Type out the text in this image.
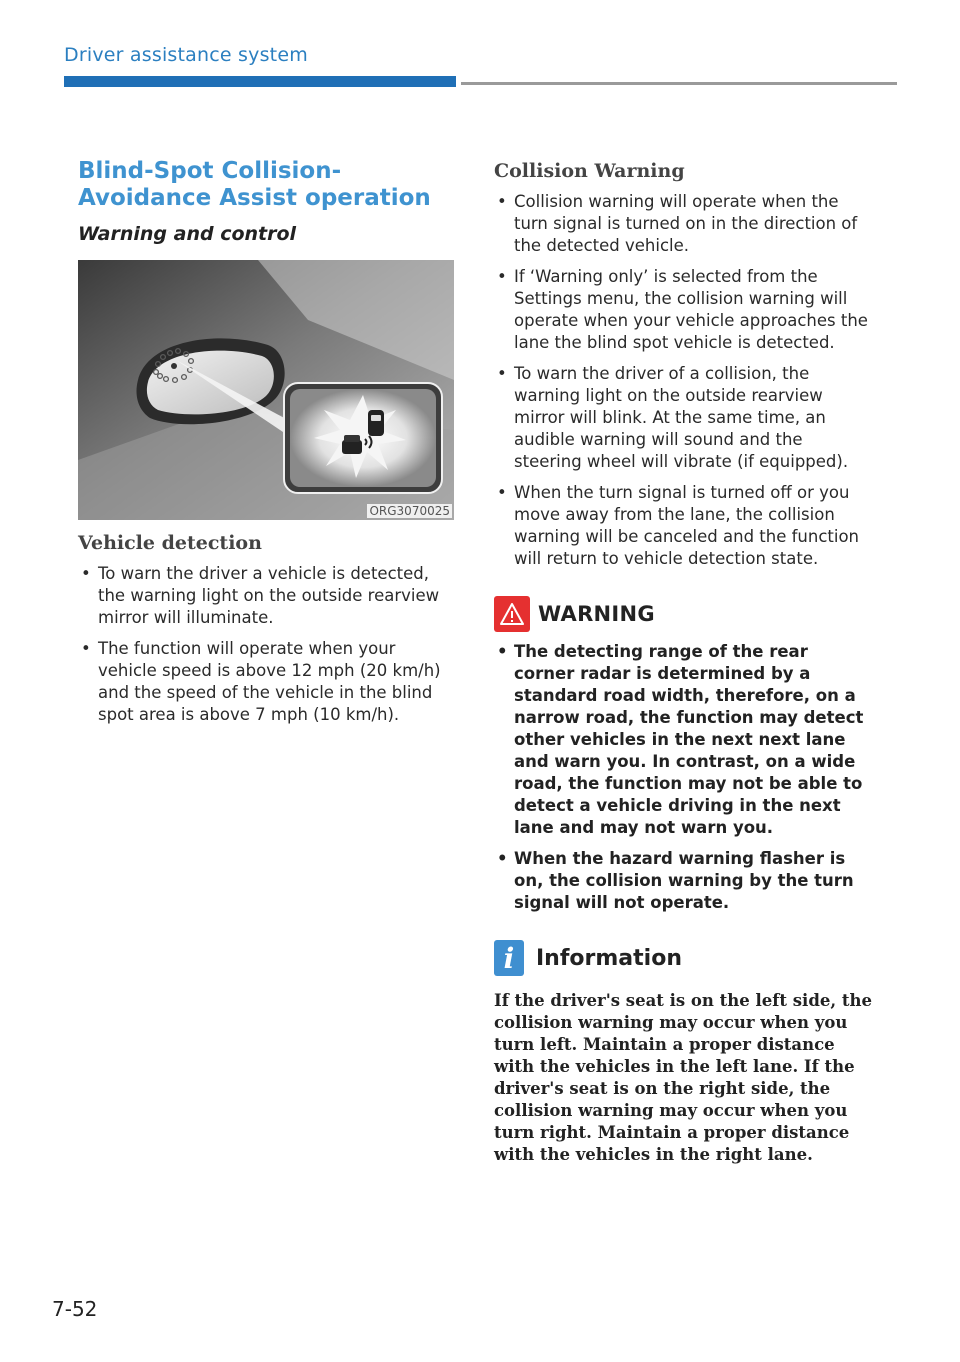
Driver assistance system
Blind-Spot Collision-Avoidance Assist operation
Warning and control
ORG3070025
Vehicle detection
• To warn the driver a vehicle is detected, the warning light on the outside rearview mirror will illuminate.
• The function will operate when your vehicle speed is above 12 mph (20 km/h) and the speed of the vehicle in the blind spot area is above 7 mph (10 km/h).
Collision Warning
• Collision warning will operate when the turn signal is turned on in the direction of the detected vehicle.
• If ‘Warning only’ is selected from the Settings menu, the collision warning will operate when your vehicle approaches the lane the blind spot vehicle is detected.
• To warn the driver of a collision, the warning light on the outside rearview mirror will blink. At the same time, an audible warning will sound and the steering wheel will vibrate (if equipped).
• When the turn signal is turned off or you move away from the lane, the collision warning will be canceled and the function will return to vehicle detection state.
WARNING
• The detecting range of the rear corner radar is determined by a standard road width, therefore, on a narrow road, the function may detect other vehicles in the next next lane and warn you. In contrast, on a wide road, the function may not be able to detect a vehicle driving in the next lane and may not warn you.
• When the hazard warning flasher is on, the collision warning by the turn signal will not operate.
i Information

If the driver's seat is on the left side, the collision warning may occur when you turn left. Maintain a proper distance with the vehicles in the left lane. If the driver's seat is on the right side, the collision warning may occur when you turn right. Maintain a proper distance with the vehicles in the right lane.

7-52
